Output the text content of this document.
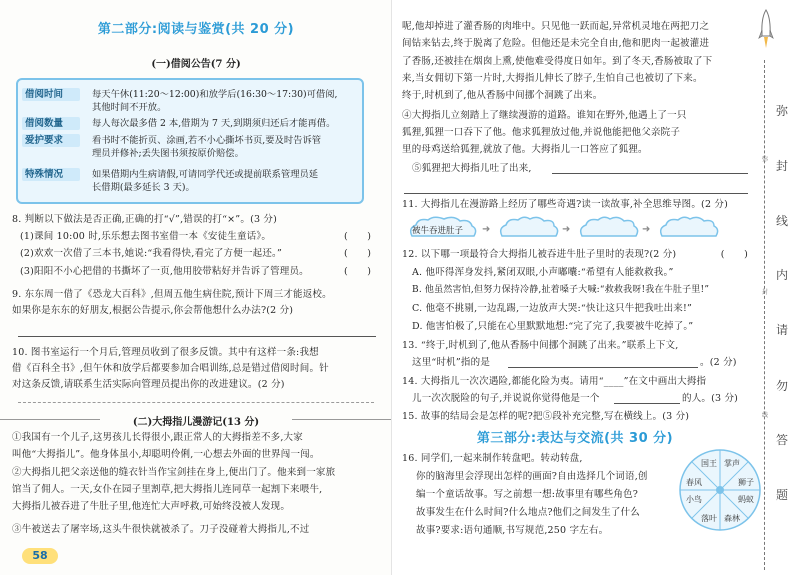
第二部分:阅读与鉴赏(共 20 分)
(一)借阅公告(7 分)
借阅时间	每天午休(11:20～12:00)和放学后(16:30～17:30)可借阅,
其他时间不开放。
借阅数量	每人每次最多借 2 本,借期为 7 天,到期须归还后才能再借。
爱护要求	看书时不能折页、涂画,若不小心撕坏书页,要及时告诉管
理员并修补;丢失图书须按原价赔偿。
特殊情况	如果借期内生病请假,可请同学代还或提前联系管理员延
长借期(最多延长 3 天)。
8. 判断以下做法是否正确,正确的打“√”,错误的打“×”。(3 分)
(1)课间 10:00 时,乐乐想去图书室借一本《安徒生童话》。	(　　)
(2)欢欢一次借了三本书,她说:“我看得快,看完了方便一起还。”	(　　)
(3)阳阳不小心把借的书撕坏了一页,他用胶带粘好并告诉了管理员。	(　　)
9. 东东周一借了《恐龙大百科》,但周五他生病住院,预计下周三才能返校。
如果你是东东的好朋友,根据公告提示,你会帮他想什么办法?(2 分)
10. 图书室运行一个月后,管理员收到了很多反馈。其中有这样一条:我想
借《百科全书》,但午休和放学后都要参加合唱训练,总是错过借阅时间。针
对这条反馈,请联系生活实际向管理员提出你的改进建议。(2 分)
(二)大拇指儿漫游记(13 分)
①我国有一个儿子,这男孩儿长得很小,跟正常人的大拇指差不多,大家
叫他“大拇指儿”。他身体虽小,却聪明伶俐,一心想去外面的世界闯一闯。
②大拇指儿把父亲送他的缝衣针当作宝剑挂在身上,便出门了。他来到一家旅
馆当了佣人。一天,女仆在园子里割草,把大拇指儿连同草一起割下来喂牛,
大拇指儿被吞进了牛肚子里,他连忙大声呼救,可始终没被人发现。
③牛被送去了屠宰场,这头牛很快就被杀了。刀子没碰着大拇指儿,不过
58
呢,他却掉进了灌香肠的肉堆中。只见他一跃而起,异常机灵地在两把刀之
间钻来钻去,终于脱离了危险。但他还是未完全自由,他和肥肉一起被灌进
了香肠,还被挂在烟囱上熏,使他难受得度日如年。到了冬天,香肠被取了下
来,当女佣切下第一片时,大拇指儿伸长了脖子,生怕自己也被切了下来。
终于,时机到了,他从香肠中间挪个洞跳了出来。
④大拇指儿立刻踏上了继续漫游的道路。谁知在野外,他遇上了一只
狐狸,狐狸一口吞下了他。他求狐狸放过他,并说他能把他父亲院子
里的母鸡送给狐狸,就放了他。大拇指儿一口答应了狐狸。
⑤狐狸把大拇指儿吐了出来,
11. 大拇指儿在漫游路上经历了哪些奇遇?读一读故事,补全思维导图。(2 分)
被牛吞进肚子 ➜	➜	➜
12. 以下哪一项最符合大拇指儿被吞进牛肚子里时的表现?(2 分)	(　　)
A. 他吓得浑身发抖,紧闭双眼,小声嘟囔:“希望有人能救救我。”
B. 他虽然害怕,但努力保持冷静,扯着嗓子大喊:“救救我呀!我在牛肚子里!”
C. 他毫不挑剔,一边乱踢,一边放声大哭:“快让这只牛把我吐出来!”
D. 他害怕极了,只能在心里默默地想:“完了完了,我要被牛吃掉了。”
13. “终于,时机到了,他从香肠中间挪个洞跳了出来。”联系上下文,
这里“时机”指的是	。(2 分)
14. 大拇指儿一次次遇险,都能化险为夷。请用“____”在文中画出大拇指
儿一次次脱险的句子,并说说你觉得他是一个	的人。(3 分)
15. 故事的结局会是怎样的呢?把⑤段补充完整,写在横线上。(3 分)
第三部分:表达与交流(共 30 分)
16. 同学们,一起来制作转盘吧。转动转盘,
你的脑海里会浮现出怎样的画面?自由选择几个词语,创
编一个童话故事。写之前想一想:故事里有哪些角色?
故事发生在什么时间?什么地点?他们之间发生了什么
故事?要求:语句通顺,书写规范,250 字左右。
国王 掌声
狮子
蚂蚁
森林
落叶
小鸟
春风
弥
封
线
内
请
勿
答
题
弥
封
线
